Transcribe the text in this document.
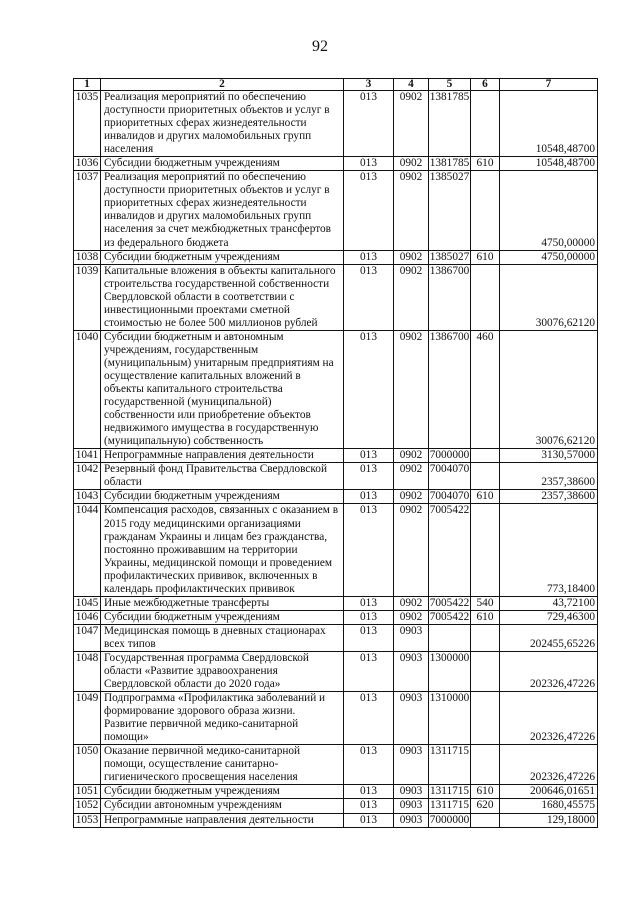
92
1	2	3	4	5	6	7
1035	Реализация мероприятий по обеспечению доступности приоритетных объектов и услуг в приоритетных сферах жизнедеятельности инвалидов и других маломобильных групп населения	013	0902	1381785		10548,48700
1036	Субсидии бюджетным учреждениям	013	0902	1381785	610	10548,48700
1037	Реализация мероприятий по обеспечению доступности приоритетных объектов и услуг в приоритетных сферах жизнедеятельности инвалидов и других маломобильных групп населения за счет межбюджетных трансфертов из федерального бюджета	013	0902	1385027		4750,00000
1038	Субсидии бюджетным учреждениям	013	0902	1385027	610	4750,00000
1039	Капитальные вложения в объекты капитального строительства государственной собственности Свердловской области в соответствии с инвестиционными проектами сметной стоимостью не более 500 миллионов рублей	013	0902	1386700		30076,62120
1040	Субсидии бюджетным и автономным учреждениям, государственным (муниципальным) унитарным предприятиям на осуществление капитальных вложений в объекты капитального строительства государственной (муниципальной) собственности или приобретение объектов недвижимого имущества в государственную (муниципальную) собственность	013	0902	1386700	460	30076,62120
1041	Непрограммные направления деятельности	013	0902	7000000		3130,57000
1042	Резервный фонд Правительства Свердловской области	013	0902	7004070		2357,38600
1043	Субсидии бюджетным учреждениям	013	0902	7004070	610	2357,38600
1044	Компенсация расходов, связанных с оказанием в 2015 году медицинскими организациями гражданам Украины и лицам без гражданства, постоянно проживавшим на территории Украины, медицинской помощи и проведением профилактических прививок, включенных в календарь профилактических прививок	013	0902	7005422		773,18400
1045	Иные межбюджетные трансферты	013	0902	7005422	540	43,72100
1046	Субсидии бюджетным учреждениям	013	0902	7005422	610	729,46300
1047	Медицинская помощь в дневных стационарах всех типов	013	0903			202455,65226
1048	Государственная программа Свердловской области «Развитие здравоохранения Свердловской области до 2020 года»	013	0903	1300000		202326,47226
1049	Подпрограмма «Профилактика заболеваний и формирование здорового образа жизни. Развитие первичной медико-санитарной помощи»	013	0903	1310000		202326,47226
1050	Оказание первичной медико-санитарной помощи, осуществление санитарно-гигиенического просвещения населения	013	0903	1311715		202326,47226
1051	Субсидии бюджетным учреждениям	013	0903	1311715	610	200646,01651
1052	Субсидии автономным учреждениям	013	0903	1311715	620	1680,45575
1053	Непрограммные направления деятельности	013	0903	7000000		129,18000
